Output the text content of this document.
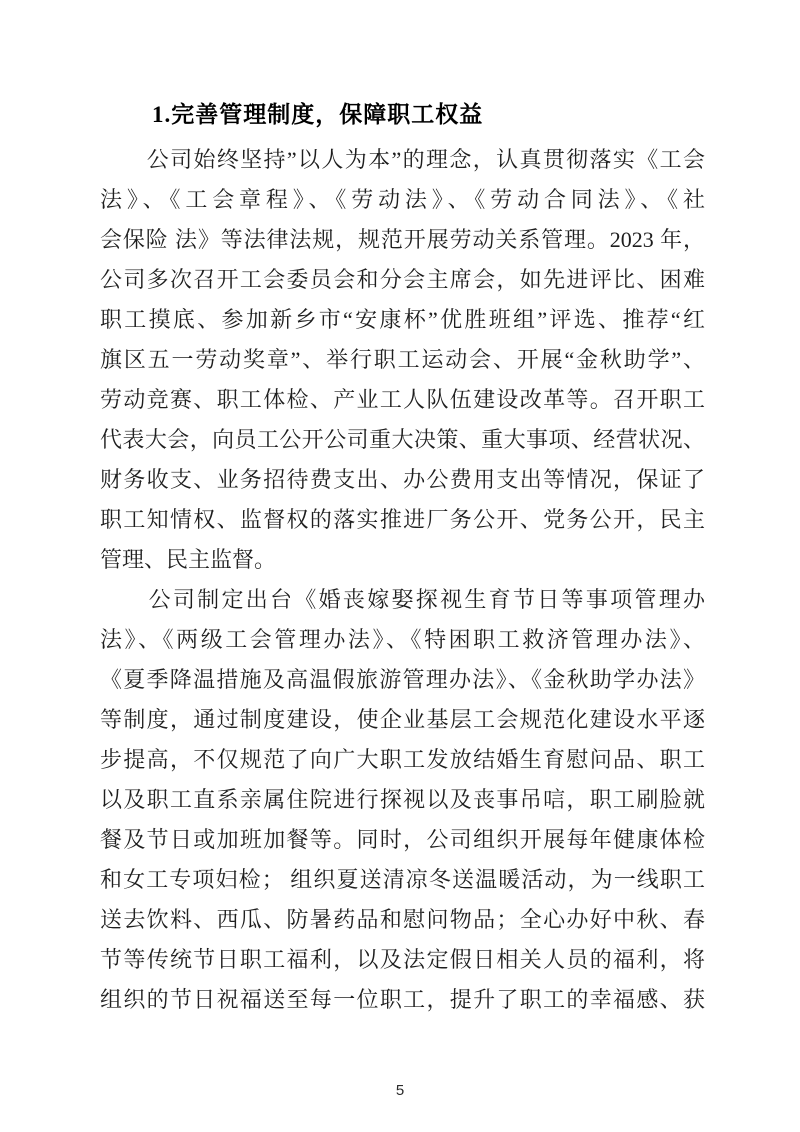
1.完善管理制度，保障职工权益
　　公司始终坚持”以人为本”的理念，认真贯彻落实《工会
法》、《工会章程》、《劳动法》、《劳动合同法》、《社
会保险 法》等法律法规，规范开展劳动关系管理。2023 年，
公司多次召开工会委员会和分会主席会，如先进评比、困难
职工摸底、参加新乡市“安康杯”优胜班组”评选、推荐“红
旗区五一劳动奖章”、举行职工运动会、开展“金秋助学”、
劳动竞赛、职工体检、产业工人队伍建设改革等。召开职工
代表大会，向员工公开公司重大决策、重大事项、经营状况、
财务收支、业务招待费支出、办公费用支出等情况，保证了
职工知情权、监督权的落实推进厂务公开、党务公开，民主
管理、民主监督。
　　公司制定出台《婚丧嫁娶探视生育节日等事项管理办
法》、《两级工会管理办法》、《特困职工救济管理办法》、
《夏季降温措施及高温假旅游管理办法》、《金秋助学办法》
等制度，通过制度建设，使企业基层工会规范化建设水平逐
步提高，不仅规范了向广大职工发放结婚生育慰问品、职工
以及职工直系亲属住院进行探视以及丧事吊唁，职工刷脸就
餐及节日或加班加餐等。同时，公司组织开展每年健康体检
和女工专项妇检； 组织夏送清凉冬送温暖活动，为一线职工
送去饮料、西瓜、防暑药品和慰问物品；全心办好中秋、春
节等传统节日职工福利，以及法定假日相关人员的福利，将
组织的节日祝福送至每一位职工，提升了职工的幸福感、获
5
